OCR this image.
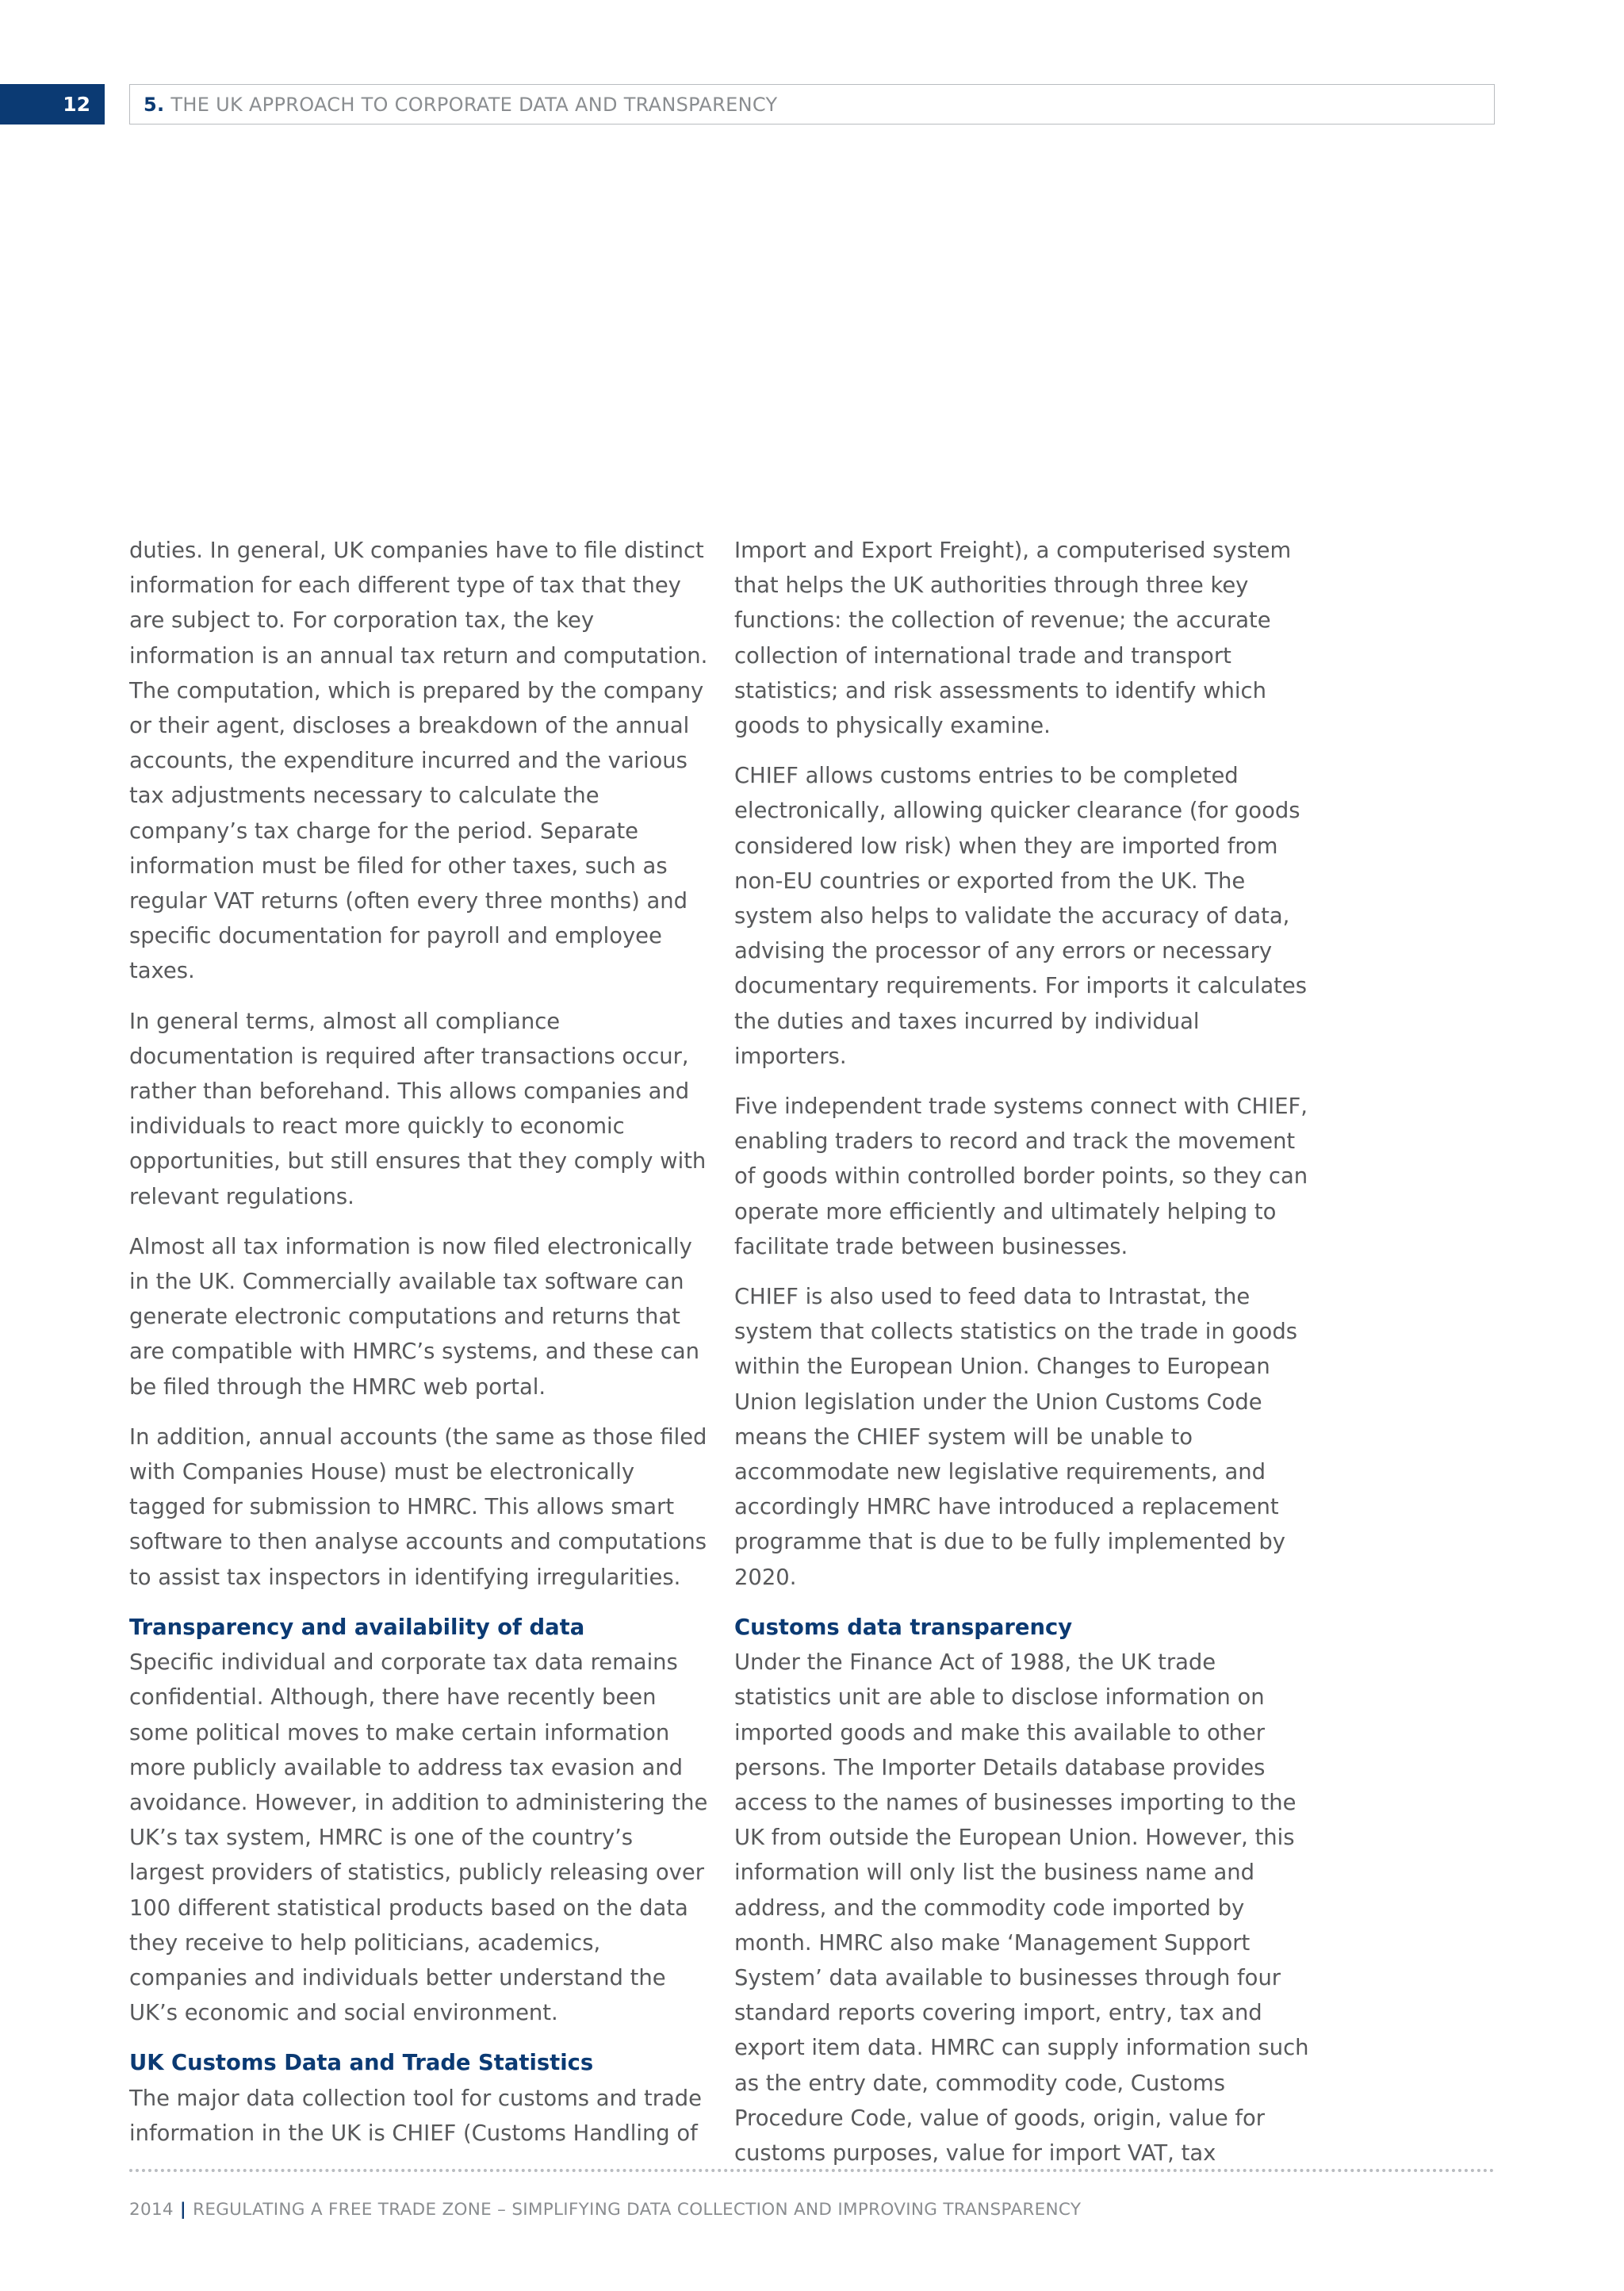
12	5. THE UK APPROACH TO CORPORATE DATA AND TRANSPARENCY

duties. In general, UK companies have to file distinct information for each different type of tax that they are subject to. For corporation tax, the key information is an annual tax return and computation. The computation, which is prepared by the company or their agent, discloses a breakdown of the annual accounts, the expenditure incurred and the various tax adjustments necessary to calculate the company’s tax charge for the period. Separate information must be filed for other taxes, such as regular VAT returns (often every three months) and specific documentation for payroll and employee taxes.

In general terms, almost all compliance documentation is required after transactions occur, rather than beforehand. This allows companies and individuals to react more quickly to economic opportunities, but still ensures that they comply with relevant regulations.

Almost all tax information is now filed electronically in the UK. Commercially available tax software can generate electronic computations and returns that are compatible with HMRC’s systems, and these can be filed through the HMRC web portal.

In addition, annual accounts (the same as those filed with Companies House) must be electronically tagged for submission to HMRC. This allows smart software to then analyse accounts and computations to assist tax inspectors in identifying irregularities.

Transparency and availability of data

Specific individual and corporate tax data remains confidential. Although, there have recently been some political moves to make certain information more publicly available to address tax evasion and avoidance. However, in addition to administering the UK’s tax system, HMRC is one of the country’s largest providers of statistics, publicly releasing over 100 different statistical products based on the data they receive to help politicians, academics, companies and individuals better understand the UK’s economic and social environment.

UK Customs Data and Trade Statistics

The major data collection tool for customs and trade information in the UK is CHIEF (Customs Handling of

Import and Export Freight), a computerised system that helps the UK authorities through three key functions: the collection of revenue; the accurate collection of international trade and transport statistics; and risk assessments to identify which goods to physically examine.

CHIEF allows customs entries to be completed electronically, allowing quicker clearance (for goods considered low risk) when they are imported from non-EU countries or exported from the UK. The system also helps to validate the accuracy of data, advising the processor of any errors or necessary documentary requirements. For imports it calculates the duties and taxes incurred by individual importers.

Five independent trade systems connect with CHIEF, enabling traders to record and track the movement of goods within controlled border points, so they can operate more efficiently and ultimately helping to facilitate trade between businesses.

CHIEF is also used to feed data to Intrastat, the system that collects statistics on the trade in goods within the European Union. Changes to European Union legislation under the Union Customs Code means the CHIEF system will be unable to accommodate new legislative requirements, and accordingly HMRC have introduced a replacement programme that is due to be fully implemented by 2020.

Customs data transparency

Under the Finance Act of 1988, the UK trade statistics unit are able to disclose information on imported goods and make this available to other persons. The Importer Details database provides access to the names of businesses importing to the UK from outside the European Union. However, this information will only list the business name and address, and the commodity code imported by month. HMRC also make ‘Management Support System’ data available to businesses through four standard reports covering import, entry, tax and export item data. HMRC can supply information such as the entry date, commodity code, Customs Procedure Code, value of goods, origin, value for customs purposes, value for import VAT, tax

2014 | REGULATING A FREE TRADE ZONE – SIMPLIFYING DATA COLLECTION AND IMPROVING TRANSPARENCY
